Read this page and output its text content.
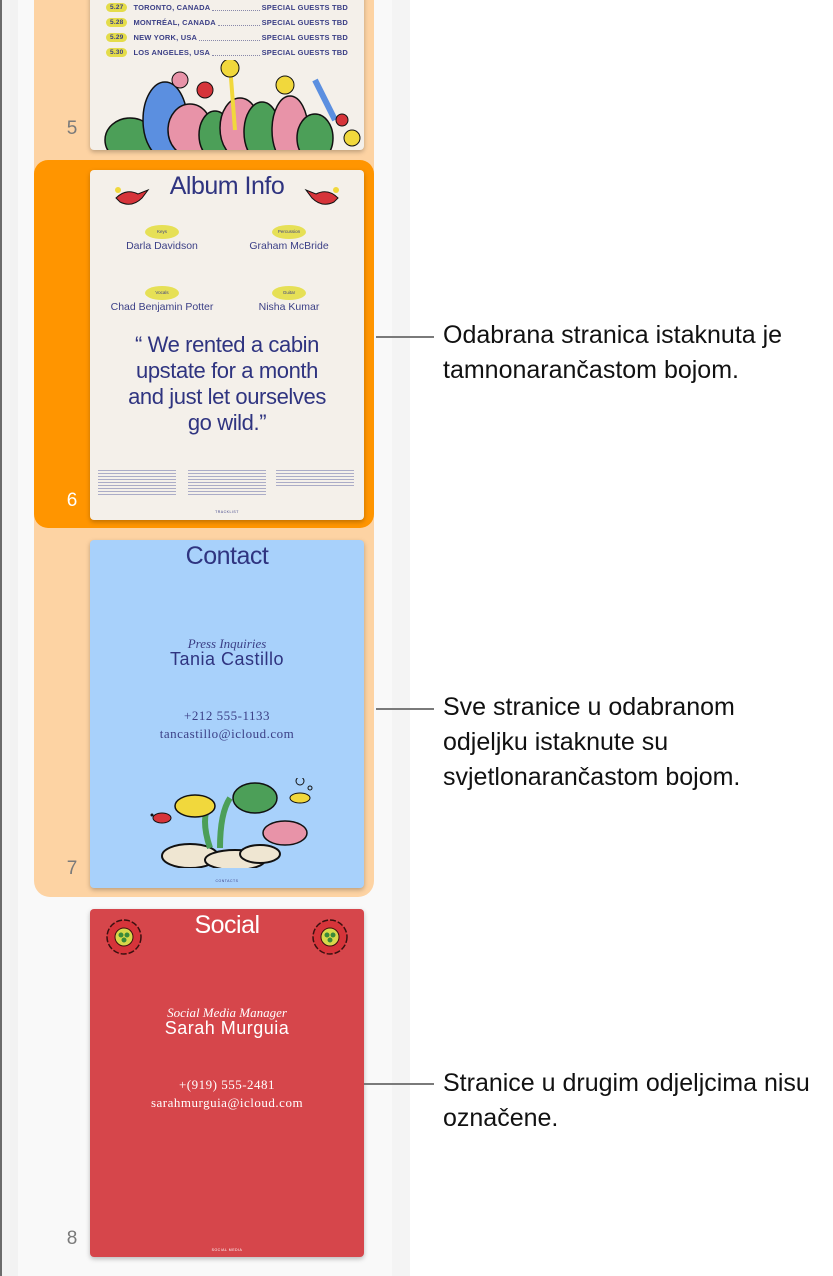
5.27	TORONTO, CANADA	SPECIAL GUESTS TBD
5.28	MONTRÉAL, CANADA	SPECIAL GUESTS TBD
5.29	NEW YORK, USA	SPECIAL GUESTS TBD
5.30	LOS ANGELES, USA	SPECIAL GUESTS TBD
5
Album Info
Keys
Darla Davidson
Percussion
Graham McBride
Vocals
Chad Benjamin Potter
Guitar
Nisha Kumar
“ We rented a cabin upstate for a month and just let ourselves go wild.”
TRACKLIST
6
Contact
Press Inquiries
Tania Castillo
+212 555-1133
tancastillo@icloud.com
CONTACTS
7
Social
Social Media Manager
Sarah Murguia
+(919) 555-2481
sarahmurguia@icloud.com
SOCIAL MEDIA
8
Odabrana stranica istaknuta je tamnonarančastom bojom.
Sve stranice u odabranom odjeljku istaknute su svjetlonarančastom bojom.
Stranice u drugim odjeljcima nisu označene.
